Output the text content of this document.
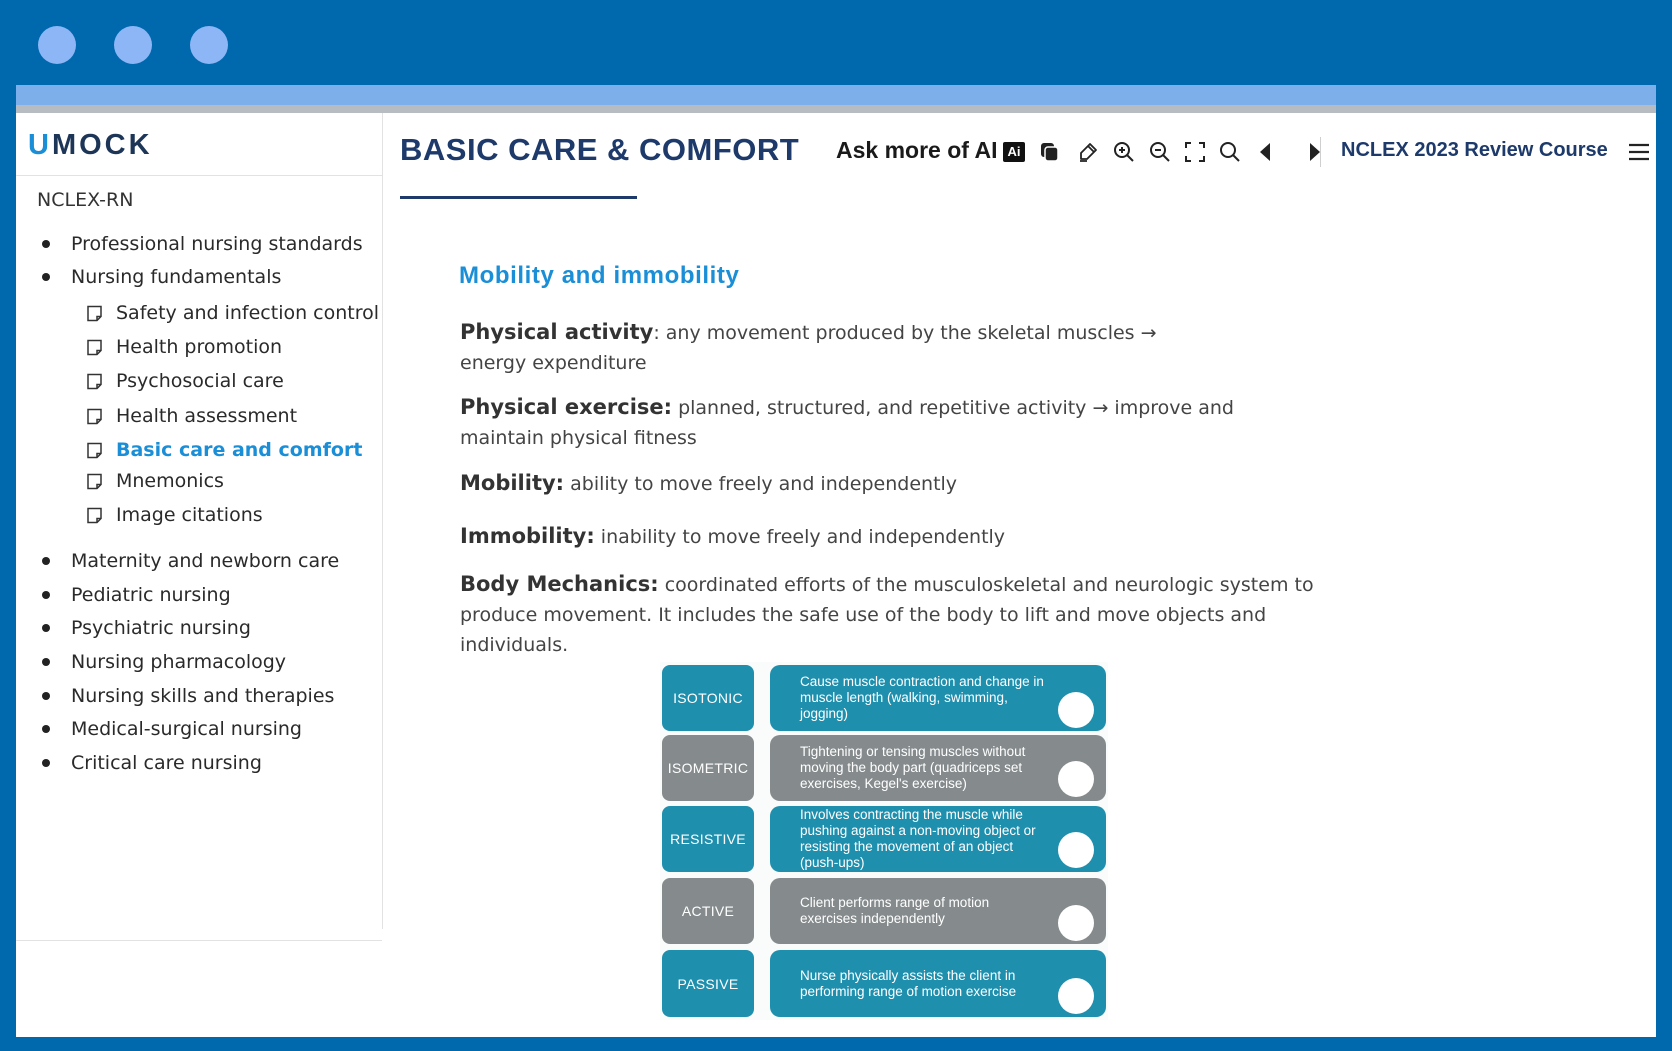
UMOCK
NCLEX-RN
Professional nursing standards
Nursing fundamentals
Safety and infection control
Health promotion
Psychosocial care
Health assessment
Basic care and comfort
Mnemonics
Image citations
Maternity and newborn care
Pediatric nursing
Psychiatric nursing
Nursing pharmacology
Nursing skills and therapies
Medical-surgical nursing
Critical care nursing
BASIC CARE & COMFORT Ask more of AI Ai	NCLEX 2023 Review Course
Mobility and immobility
Physical activity: any movement produced by the skeletal muscles → energy expenditure
Physical exercise: planned, structured, and repetitive activity → improve and maintain physical fitness
Mobility: ability to move freely and independently
Immobility: inability to move freely and independently
Body Mechanics: coordinated efforts of the musculoskeletal and neurologic system to produce movement. It includes the safe use of the body to lift and move objects and individuals.
ISOTONIC
Cause muscle contraction and change in muscle length (walking, swimming, jogging)
ISOMETRIC
Tightening or tensing muscles without moving the body part (quadriceps set exercises, Kegel's exercise)
RESISTIVE
Involves contracting the muscle while pushing against a non-moving object or resisting the movement of an object (push-ups)
ACTIVE
Client performs range of motion exercises independently
PASSIVE
Nurse physically assists the client in performing range of motion exercise
